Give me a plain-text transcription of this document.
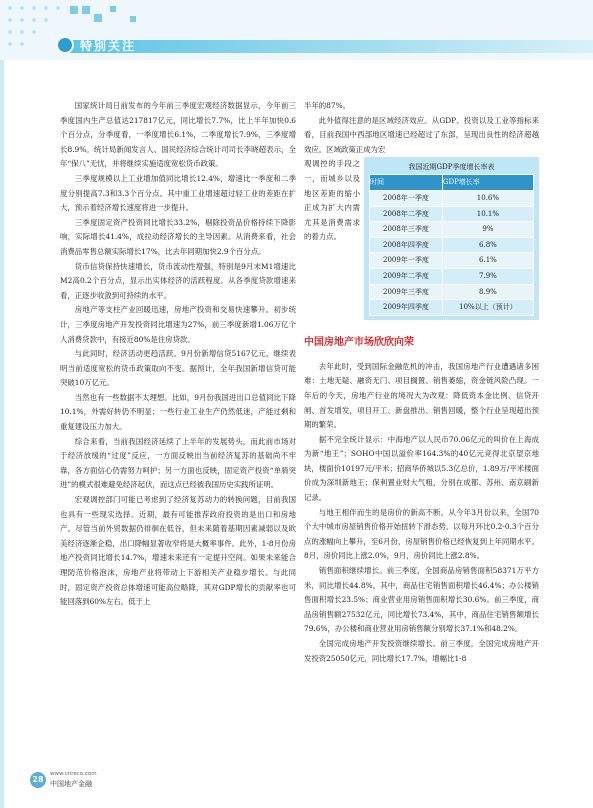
特别关注

国家统计局日前发布的今年前三季度宏观经济数据显示，今年前三季度国内生产总值达217817亿元，同比增长7.7%，比上半年加快0.6个百分点，分季度看，一季度增长6.1%，二季度增长7.9%，三季度增长8.9%。统计局新闻发言人、国民经济综合统计司司长李晓超表示，全年“保八”无忧，并将继续实施适度宽松货币政策。

三季度规模以上工业增加值同比增长12.4%，增速比一季度和二季度分别提高7.3和3.3个百分点。其中重工业增速超过轻工业的差距在扩大，预示着经济增长速度将进一步提升。

三季度固定资产投资同比增长33.2%，剔除投资品价格持续下降影响，实际增长41.4%，成拉动经济增长的主导因素。从消费来看，社会消费品零售总额实际增长17%，比去年同期加快2.9个百分点。

货币信贷保持快速增长，货币流动性增强，特别是9月末M1增速比M2高0.2个百分点，显示出实体经济的活跃程度。从各季度贷款增速来看，正逐步收敛到可持续的水平。

房地产等支柱产业回暖迅速，房地产投资和交易快速攀升。初步统计，三季度房地产开发投资同比增速为27%，前三季度新增1.06万亿个人消费贷款中，有接近80%是住房贷款。

与此同时，经济活动更趋活跃。9月份新增信贷5167亿元，继续表明当前适度宽松的货币政策取向不变。据预计，全年我国新增信贷可能突破10万亿元。

当然也有一些数据不太理想。比如，9月份我国进出口总值同比下降10.1%，外需好转仍不明显；一些行业工业生产仍然低迷，产能过剩和重复建设压力加大。

综合来看，当前我国经济延续了上半年的发展势头，而此前市场对于经济放缓的“过度”反应，一方面反映出当前经济复苏的基础尚不牢靠，各方面信心仍需努力呵护；另一方面也反映，固定资产投资“单骑突进”的模式很难避免经济起伏，而这点已经被我国历史实践所证明。

宏观调控部门可能已考虑到了经济复苏动力的转换问题，目前我国也具有一些现实选择。近期，最有可能推荐政府投资的是出口和房地产。尽管当前外贸数据仍徘徊在低谷，但未来随着基期因素减弱以及欧美经济逐渐企稳，出口降幅显著收窄将是大概率事件。此外，1-8月份房地产投资同比增长14.7%，增速未来还有一定提升空间。如果未来能合理防范价格泡沫，房地产业将带动上下游相关产业稳步增长。与此同时，固定资产投资总体增速可能高位略降，其对GDP增长的贡献率也可能回落到60%左右，低于上

半年的87%。

此外值得注意的是区域经济效应。从GDP、投资以及工业等指标来看，目前我国中西部地区增速已经超过了东部，呈现出良性的经济超越效应。区域政策正成为宏

观调控的手段之一，而城乡以及地区差距的缩小正成为扩大内需尤其是消费需求的着力点。
我国近期GDP季度增长率表
时间	GDP增长率
2008年一季度	10.6%
2008年二季度	10.1%
2008年三季度	9%
2008年四季度	6.8%
2009年一季度	6.1%
2009年二季度	7.9%
2009年三季度	8.9%
2009年四季度	10%以上（预计）
中国房地产市场欣欣向荣

去年此时，受到国际金融危机的冲击，我国房地产行业遭遇诸多困难：土地无疑、融资无门、项目搁置、销售萎缩，资金链风险凸现。一年后的今天，房地产行业的境况大为改观：降低资本金比例、信贷开闸、首发增发，项目开工、新盘推出、销售回暖，整个行业呈现超出预期的繁荣。

据不完全统计显示：中海地产以人民币70.06亿元的叫价在上海成为新“地王”；SOHO中国以溢价率164.3%的40亿元竞得北京望京地块，楼面价10197元/平米；招商华侨城以5.3亿总价，1.89万/平米楼面价成为深圳新地王；保利置业财大气粗，分别在成都、苏州、南京刷新记录。

与地王相伴而生的是房价的新高不断。从今年3月份以来，全国70个大中城市房屋销售价格开始扭转下滑态势，以每月环比0.2-0.3个百分点的涨幅向上攀升，至6月份，房屋销售价格已经恢复到上年同期水平。8月，房价同比上涨2.0%，9月，房价同比上涨2.8%。

销售面积继续增长。前三季度，全国商品房销售面积58371万平方米，同比增长44.8%，其中，商品住宅销售面积增长46.4%；办公楼销售面积增长23.5%；商业营业用房销售面积增长30.6%。前三季度，商品房销售额27532亿元，同比增长73.4%，其中，商品住宅销售额增长79.6%，办公楼和商业营业用房销售额分别增长37.1%和48.2%。

全国完成房地产开发投资继续增长。前三季度，全国完成房地产开发投资25050亿元，同比增长17.7%，增幅比1-8

28
www.cnreco.com
中国地产金融
